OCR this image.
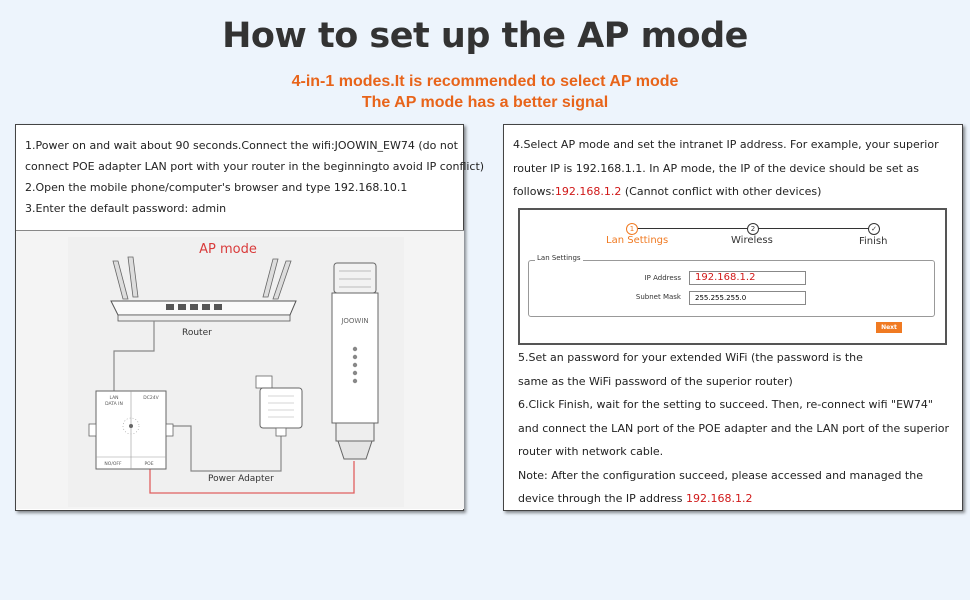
How to set up the AP mode
4-in-1 modes.It is recommended to select AP mode
The AP mode has a better signal
1.Power on and wait about 90 seconds.Connect the wifi:JOOWIN_EW74 (do not
connect POE adapter LAN port with your router in the beginningto avoid IP conflict)
2.Open the mobile phone/computer's browser and type 192.168.10.1
3.Enter the default password: admin
AP mode
Router
LAN
DATA IN
DC24V
NO/OFF	POE
Power Adapter
JOOWIN
4.Select AP mode and set the intranet IP address. For example, your superior
router IP is 192.168.1.1. In AP mode, the IP of the device should be set as
follows:192.168.1.2 (Cannot conflict with other devices)
1
Lan Settings
2
Wireless
✓
Finish
Lan Settings
IP Address	192.168.1.2
Subnet Mask	255.255.255.0
Next
5.Set an password for your extended WiFi (the password is the
same as the WiFi password of the superior router)
6.Click Finish, wait for the setting to succeed. Then, re-connect wifi "EW74"
and connect the LAN port of the POE adapter and the LAN port of the superior
router with network cable.
Note: After the configuration succeed, please accessed and managed the
device through the IP address 192.168.1.2
